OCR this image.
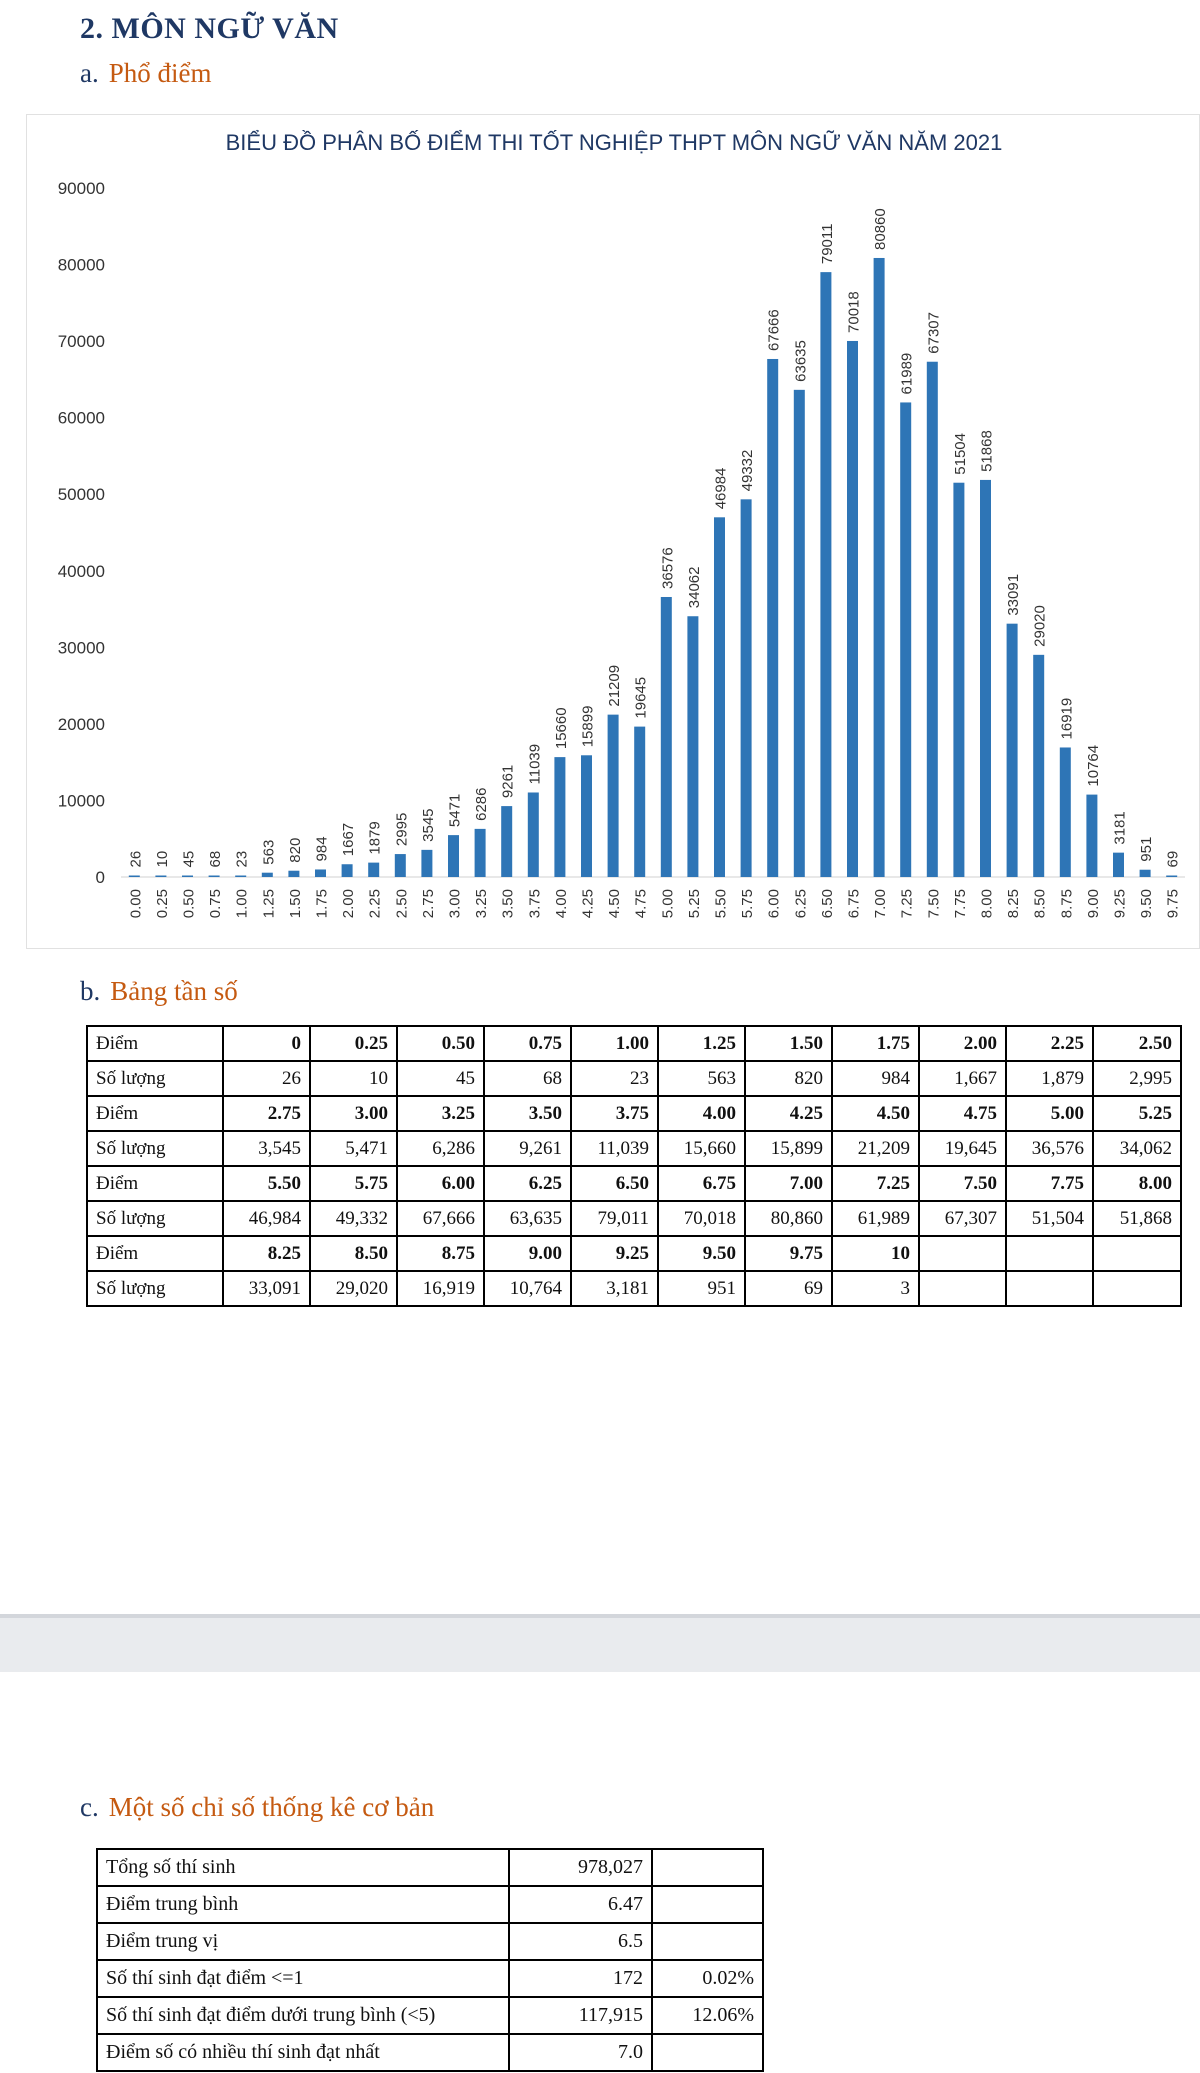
2. MÔN NGỮ VĂN
a. Phổ điểm
BIỂU ĐỒ PHÂN BỐ ĐIỂM THI TỐT NGHIỆP THPT MÔN NGỮ VĂN NĂM 2021
0
10000
20000
30000
40000
50000
60000
70000
80000
90000
26
0.00
10
0.25
45
0.50
68
0.75
23
1.00
563
1.25
820
1.50
984
1.75
1667
2.00
1879
2.25
2995
2.50
3545
2.75
5471
3.00
6286
3.25
9261
3.50
11039
3.75
15660
4.00
15899
4.25
21209
4.50
19645
4.75
36576
5.00
34062
5.25
46984
5.50
49332
5.75
67666
6.00
63635
6.25
79011
6.50
70018
6.75
80860
7.00
61989
7.25
67307
7.50
51504
7.75
51868
8.00
33091
8.25
29020
8.50
16919
8.75
10764
9.00
3181
9.25
951
9.50
69
9.75
b. Bảng tần số
Điểm	0	0.25	0.50	0.75	1.00	1.25	1.50	1.75	2.00	2.25	2.50
Số lượng	26	10	45	68	23	563	820	984	1,667	1,879	2,995
Điểm	2.75	3.00	3.25	3.50	3.75	4.00	4.25	4.50	4.75	5.00	5.25
Số lượng	3,545	5,471	6,286	9,261	11,039	15,660	15,899	21,209	19,645	36,576	34,062
Điểm	5.50	5.75	6.00	6.25	6.50	6.75	7.00	7.25	7.50	7.75	8.00
Số lượng	46,984	49,332	67,666	63,635	79,011	70,018	80,860	61,989	67,307	51,504	51,868
Điểm	8.25	8.50	8.75	9.00	9.25	9.50	9.75	10			
Số lượng	33,091	29,020	16,919	10,764	3,181	951	69	3			
c. Một số chỉ số thống kê cơ bản
Tổng số thí sinh	978,027	
Điểm trung bình	6.47	
Điểm trung vị	6.5	
Số thí sinh đạt điểm <=1	172	0.02%
Số thí sinh đạt điểm dưới trung bình (<5)	117,915	12.06%
Điểm số có nhiều thí sinh đạt nhất	7.0	
